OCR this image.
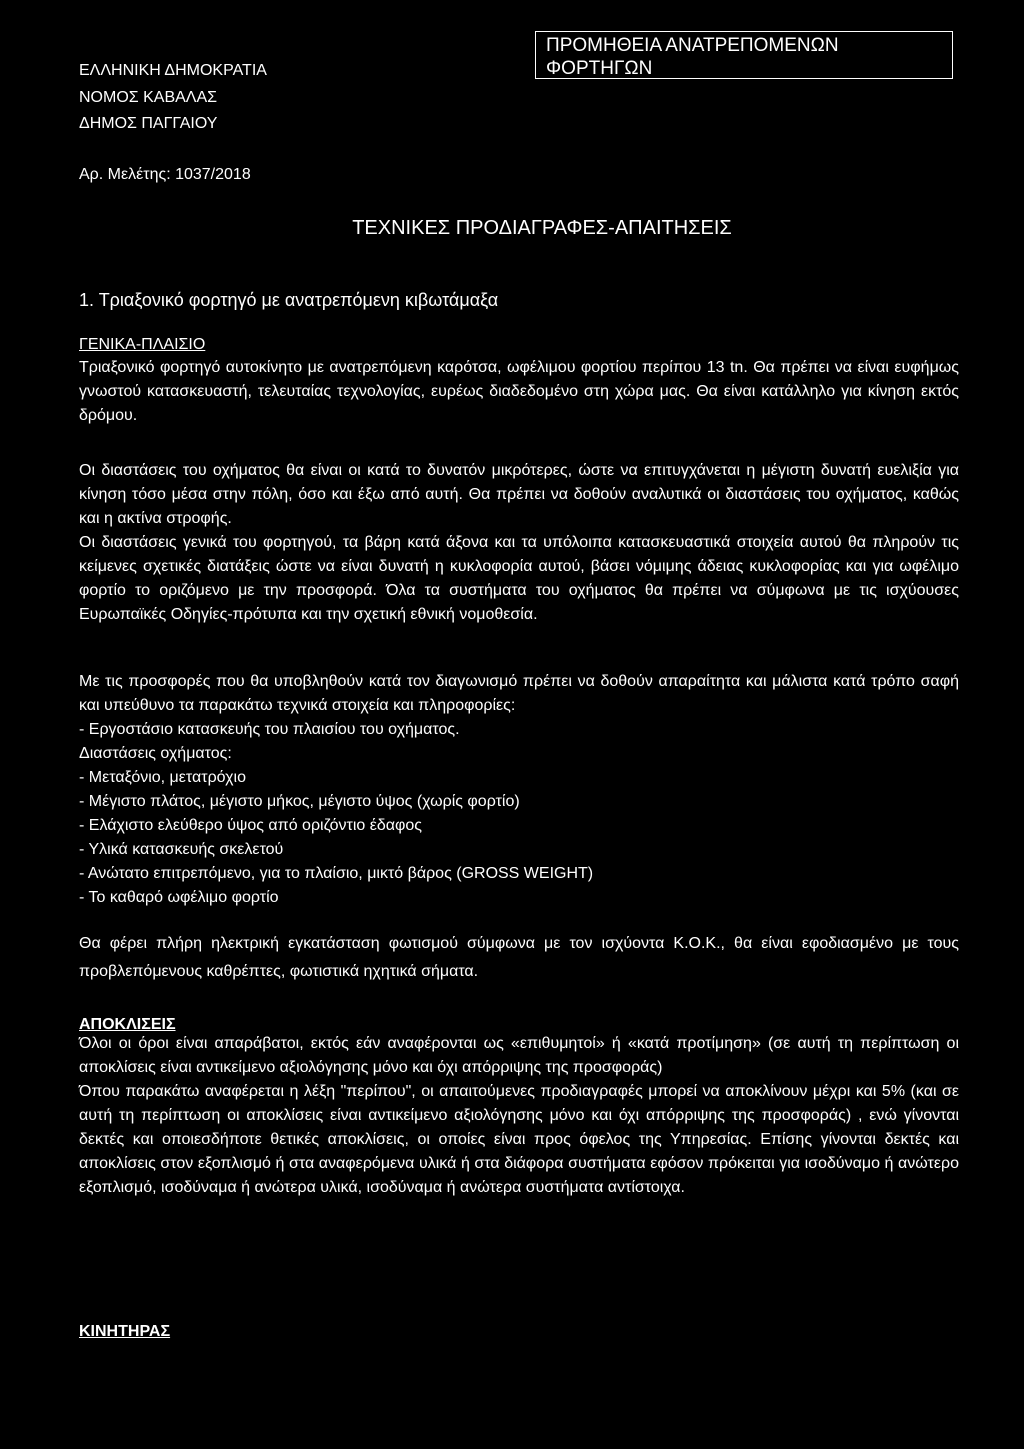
ΕΛΛΗΝΙΚΗ ΔΗΜΟΚΡΑΤΙΑ
ΝΟΜΟΣ ΚΑΒΑΛΑΣ
ΔΗΜΟΣ ΠΑΓΓΑΙΟΥ
ΠΡΟΜΗΘΕΙΑ ΑΝΑΤΡΕΠΟΜΕΝΩΝ
ΦΟΡΤΗΓΩΝ
Αρ. Μελέτης: 1037/2018
ΤΕΧΝΙΚΕΣ ΠΡΟΔΙΑΓΡΑΦΕΣ-ΑΠΑΙΤΗΣΕΙΣ
1. Τριαξονικό φορτηγό με ανατρεπόμενη κιβωτάμαξα
ΓΕΝΙΚΑ-ΠΛΑΙΣΙΟ
Τριαξονικό φορτηγό αυτοκίνητο με ανατρεπόμενη καρότσα, ωφέλιμου φορτίου περίπου 13 tn. Θα πρέπει να είναι ευφήμως γνωστού κατασκευαστή, τελευταίας τεχνολογίας, ευρέως διαδεδομένο στη χώρα μας. Θα είναι κατάλληλο για κίνηση εκτός δρόμου.
Οι διαστάσεις του οχήματος θα είναι οι κατά το δυνατόν μικρότερες, ώστε να επιτυγχάνεται η μέγιστη δυνατή ευελιξία για κίνηση τόσο μέσα στην πόλη, όσο και έξω από αυτή. Θα πρέπει να δοθούν αναλυτικά οι διαστάσεις του οχήματος, καθώς και η ακτίνα στροφής.
Οι διαστάσεις γενικά του φορτηγού, τα βάρη κατά άξονα και τα υπόλοιπα κατασκευαστικά στοιχεία αυτού θα πληρούν τις κείμενες σχετικές διατάξεις ώστε να είναι δυνατή η κυκλοφορία αυτού, βάσει νόμιμης άδειας κυκλοφορίας και για ωφέλιμο φορτίο το οριζόμενο με την προσφορά. Όλα τα συστήματα του οχήματος θα πρέπει να σύμφωνα με τις ισχύουσες Ευρωπαϊκές Οδηγίες-πρότυπα και την σχετική εθνική νομοθεσία.
Με τις προσφορές που θα υποβληθούν κατά τον διαγωνισμό πρέπει να δοθούν απαραίτητα και μάλιστα κατά τρόπο σαφή και υπεύθυνο τα παρακάτω τεχνικά στοιχεία και πληροφορίες:
- Εργοστάσιο κατασκευής του πλαισίου του οχήματος.
Διαστάσεις οχήματος:
- Μεταξόνιο, μετατρόχιο
- Μέγιστο πλάτος, μέγιστο μήκος, μέγιστο ύψος (χωρίς φορτίο)
- Ελάχιστο ελεύθερο ύψος από οριζόντιο έδαφος
- Υλικά κατασκευής σκελετού
- Ανώτατο επιτρεπόμενο, για το πλαίσιο, μικτό βάρος (GROSS WEIGHT)
- Το καθαρό ωφέλιμο φορτίο
Θα φέρει πλήρη ηλεκτρική εγκατάσταση φωτισμού σύμφωνα με τον ισχύοντα Κ.Ο.Κ., θα είναι εφοδιασμένο με τους προβλεπόμενους καθρέπτες, φωτιστικά ηχητικά σήματα.
ΑΠΟΚΛΙΣΕΙΣ
Όλοι οι όροι είναι απαράβατοι, εκτός εάν αναφέρονται ως «επιθυμητοί» ή «κατά προτίμηση» (σε αυτή τη περίπτωση οι αποκλίσεις είναι αντικείμενο αξιολόγησης μόνο και όχι απόρριψης της προσφοράς)
Όπου παρακάτω αναφέρεται η λέξη "περίπου", οι απαιτούμενες προδιαγραφές μπορεί να αποκλίνουν μέχρι και 5% (και σε αυτή τη περίπτωση οι αποκλίσεις είναι αντικείμενο αξιολόγησης μόνο και όχι απόρριψης της προσφοράς) , ενώ γίνονται δεκτές και οποιεσδήποτε θετικές αποκλίσεις, οι οποίες είναι προς όφελος της Υπηρεσίας. Επίσης γίνονται δεκτές και αποκλίσεις στον εξοπλισμό ή στα αναφερόμενα υλικά ή στα διάφορα συστήματα εφόσον πρόκειται για ισοδύναμο ή ανώτερο εξοπλισμό, ισοδύναμα ή ανώτερα υλικά, ισοδύναμα ή ανώτερα συστήματα αντίστοιχα.
ΚΙΝΗΤΗΡΑΣ
